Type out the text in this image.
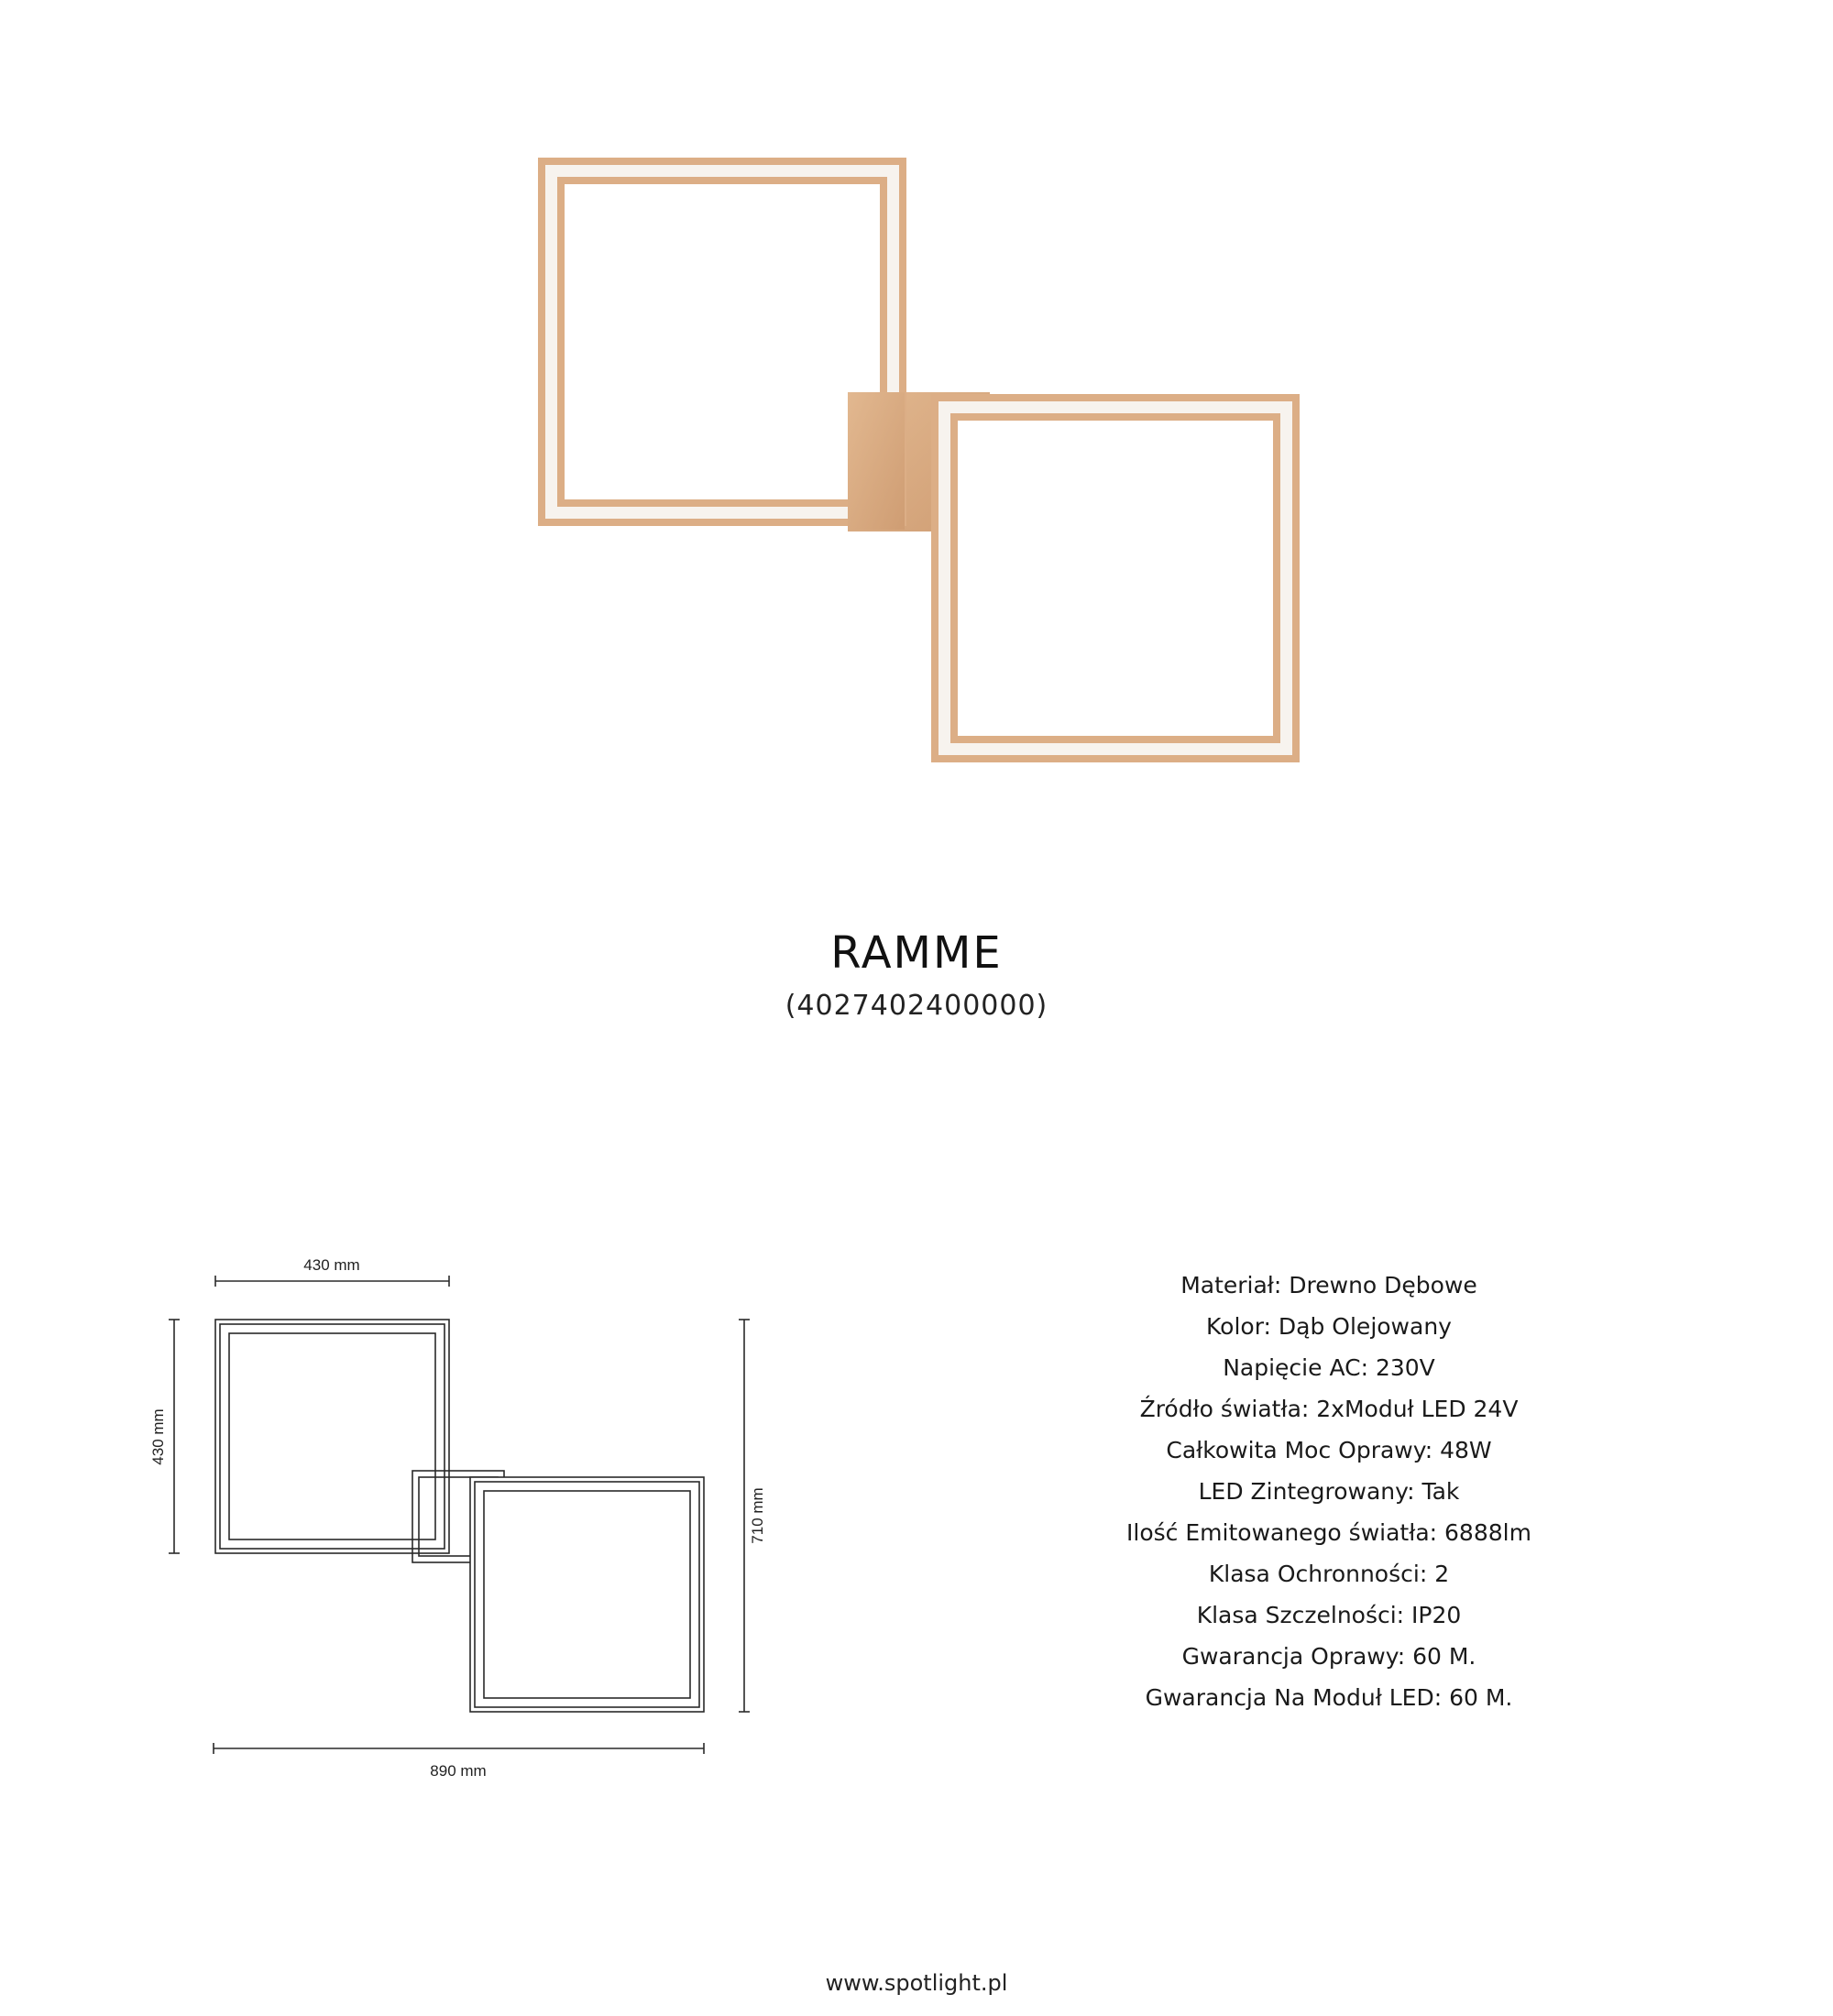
RAMME
(4027402400000)
430 mm
430 mm
710 mm
890 mm
Materiał: Drewno Dębowe
Kolor: Dąb Olejowany
Napięcie AC: 230V
Źródło światła: 2xModuł LED 24V
Całkowita Moc Oprawy: 48W
LED Zintegrowany: Tak
Ilość Emitowanego światła: 6888lm
Klasa Ochronności: 2
Klasa Szczelności: IP20
Gwarancja Oprawy: 60 M.
Gwarancja Na Moduł LED: 60 M.
www.spotlight.pl
